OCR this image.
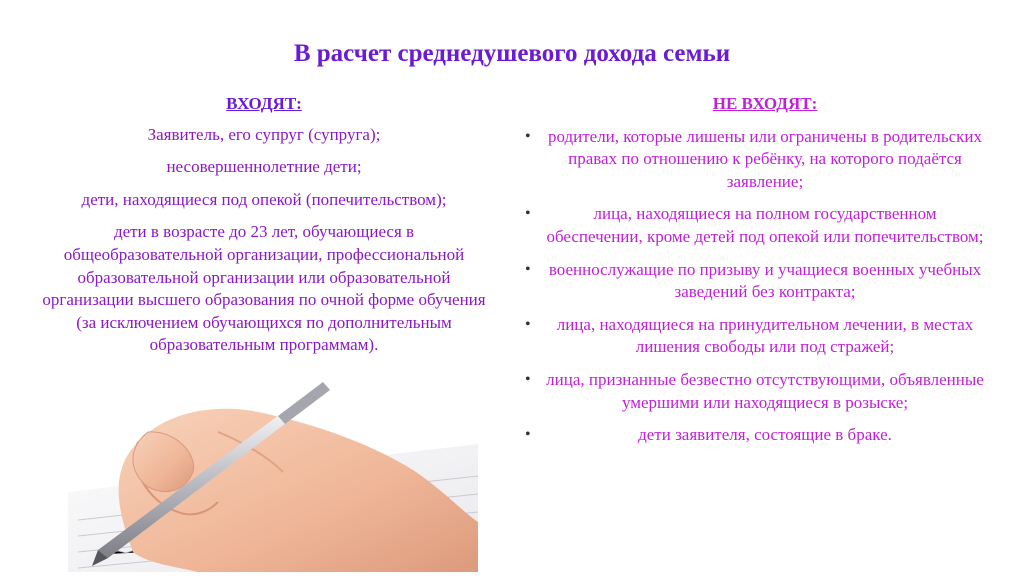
В расчет среднедушевого дохода семьи
ВХОДЯТ:

Заявитель, его супруг (супруга);

несовершеннолетние дети;

дети, находящиеся под опекой (попечительством);

дети в возрасте до 23 лет, обучающиеся в общеобразовательной организации, профессиональной образовательной организации или образовательной организации высшего образования по очной форме обучения (за исключением обучающихся по дополнительным образовательным программам).

НЕ ВХОДЯТ:
• родители, которые лишены или ограничены в родительских правах по отношению к ребёнку, на которого подаётся заявление;
•	лица, находящиеся на полном государственном обеспечении, кроме детей под опекой или попечительством;
• военнослужащие по призыву и учащиеся военных учебных заведений без контракта;
• лица, находящиеся на принудительном лечении, в местах лишения свободы или под стражей;
• лица, признанные безвестно отсутствующими, объявленные умершими или находящиеся в розыске;
•	дети заявителя, состоящие в браке.
